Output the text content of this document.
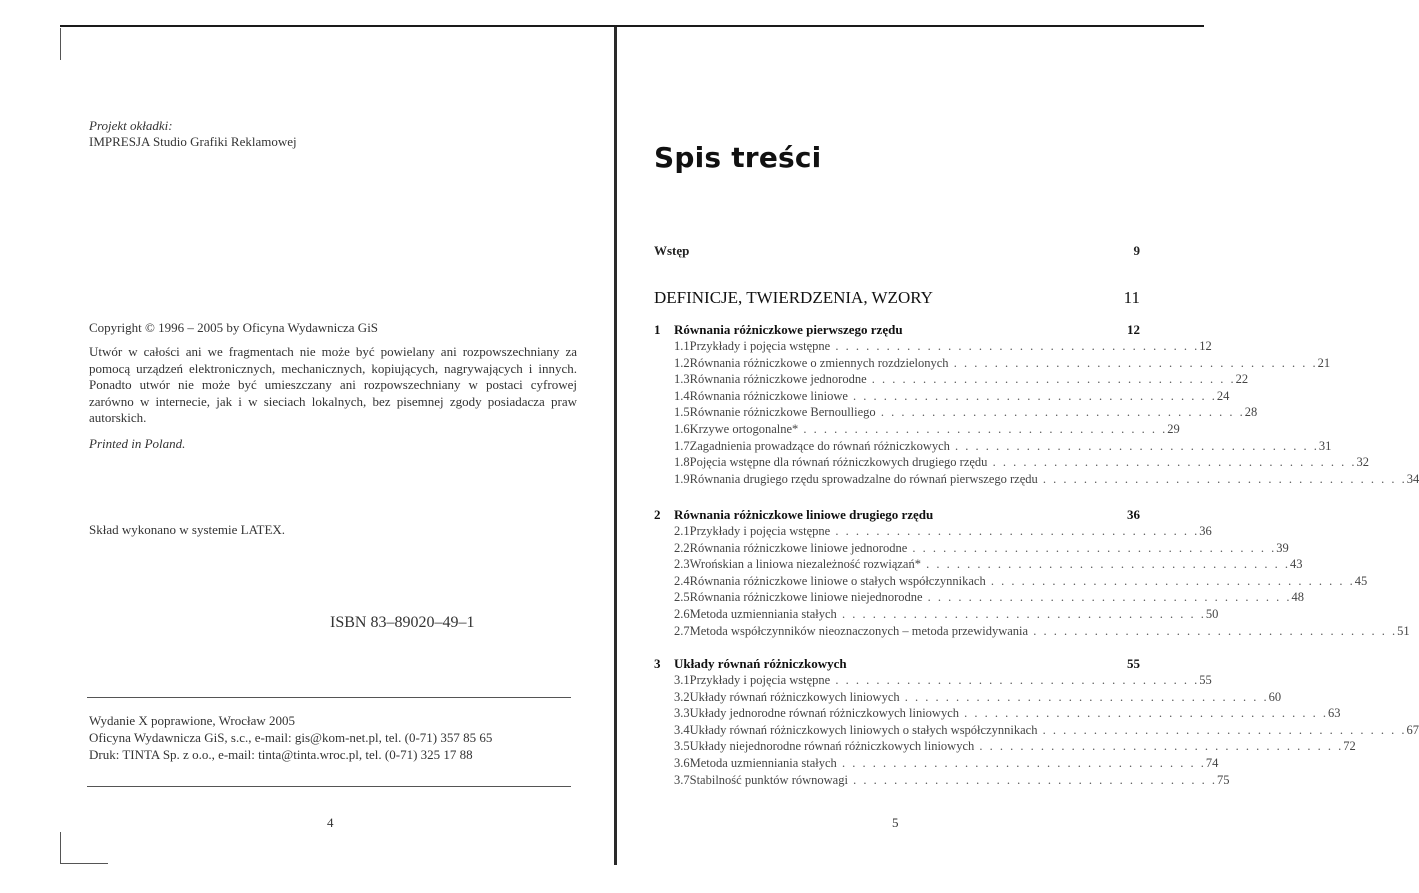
Projekt okładki:
IMPRESJA Studio Grafiki Reklamowej
Copyright © 1996 – 2005 by Oficyna Wydawnicza GiS
Utwór w całości ani we fragmentach nie może być powielany ani rozpowszechniany za pomocą urządzeń elektronicznych, mechanicznych, kopiujących, nagrywających i innych. Ponadto utwór nie może być umieszczany ani rozpowszechniany w postaci cyfrowej zarówno w internecie, jak i w sieciach lokalnych, bez pisemnej zgody posiadacza praw autorskich.
Printed in Poland.
Skład wykonano w systemie LATEX.
ISBN 83–89020–49–1
Wydanie X poprawione, Wrocław 2005
Oficyna Wydawnicza GiS, s.c., e-mail: gis@kom-net.pl, tel. (0-71) 357 85 65
Druk: TINTA Sp. z o.o., e-mail: tinta@tinta.wroc.pl, tel. (0-71) 325 17 88
4
Spis treści
Wstęp	9
DEFINICJE, TWIERDZENIA, WZORY	11
1	Równania różniczkowe pierwszego rzędu	12
1.1 Przykłady i pojęcia wstępne . . . . . . . . . . . . . . . . . . . . . . . . . . . . . . . . . . . . 12
1.2 Równania różniczkowe o zmiennych rozdzielonych . . . . . . . . . . . . . . . . . . . . . . . . . . . . . . . . . . . . 21
1.3 Równania różniczkowe jednorodne . . . . . . . . . . . . . . . . . . . . . . . . . . . . . . . . . . . . 22
1.4 Równania różniczkowe liniowe . . . . . . . . . . . . . . . . . . . . . . . . . . . . . . . . . . . . 24
1.5 Równanie różniczkowe Bernoulliego . . . . . . . . . . . . . . . . . . . . . . . . . . . . . . . . . . . . 28
1.6 Krzywe ortogonalne* . . . . . . . . . . . . . . . . . . . . . . . . . . . . . . . . . . . . 29
1.7 Zagadnienia prowadzące do równań różniczkowych . . . . . . . . . . . . . . . . . . . . . . . . . . . . . . . . . . . . 31
1.8 Pojęcia wstępne dla równań różniczkowych drugiego rzędu . . . . . . . . . . . . . . . . . . . . . . . . . . . . . . . . . . . . 32
1.9 Równania drugiego rzędu sprowadzalne do równań pierwszego rzędu . . . . . . . . . . . . . . . . . . . . . . . . . . . . . . . . . . . . 34
2	Równania różniczkowe liniowe drugiego rzędu	36
2.1 Przykłady i pojęcia wstępne . . . . . . . . . . . . . . . . . . . . . . . . . . . . . . . . . . . . 36
2.2 Równania różniczkowe liniowe jednorodne . . . . . . . . . . . . . . . . . . . . . . . . . . . . . . . . . . . . 39
2.3 Wrońskian a liniowa niezależność rozwiązań* . . . . . . . . . . . . . . . . . . . . . . . . . . . . . . . . . . . . 43
2.4 Równania różniczkowe liniowe o stałych współczynnikach . . . . . . . . . . . . . . . . . . . . . . . . . . . . . . . . . . . . 45
2.5 Równania różniczkowe liniowe niejednorodne . . . . . . . . . . . . . . . . . . . . . . . . . . . . . . . . . . . . 48
2.6 Metoda uzmienniania stałych . . . . . . . . . . . . . . . . . . . . . . . . . . . . . . . . . . . . 50
2.7 Metoda współczynników nieoznaczonych – metoda przewidywania . . . . . . . . . . . . . . . . . . . . . . . . . . . . . . . . . . . . 51
3	Układy równań różniczkowych	55
3.1 Przykłady i pojęcia wstępne . . . . . . . . . . . . . . . . . . . . . . . . . . . . . . . . . . . . 55
3.2 Układy równań różniczkowych liniowych . . . . . . . . . . . . . . . . . . . . . . . . . . . . . . . . . . . . 60
3.3 Układy jednorodne równań różniczkowych liniowych . . . . . . . . . . . . . . . . . . . . . . . . . . . . . . . . . . . . 63
3.4 Układy równań różniczkowych liniowych o stałych współczynnikach . . . . . . . . . . . . . . . . . . . . . . . . . . . . . . . . . . . . 67
3.5 Układy niejednorodne równań różniczkowych liniowych . . . . . . . . . . . . . . . . . . . . . . . . . . . . . . . . . . . . 72
3.6 Metoda uzmienniania stałych . . . . . . . . . . . . . . . . . . . . . . . . . . . . . . . . . . . . 74
3.7 Stabilność punktów równowagi . . . . . . . . . . . . . . . . . . . . . . . . . . . . . . . . . . . . 75
5
